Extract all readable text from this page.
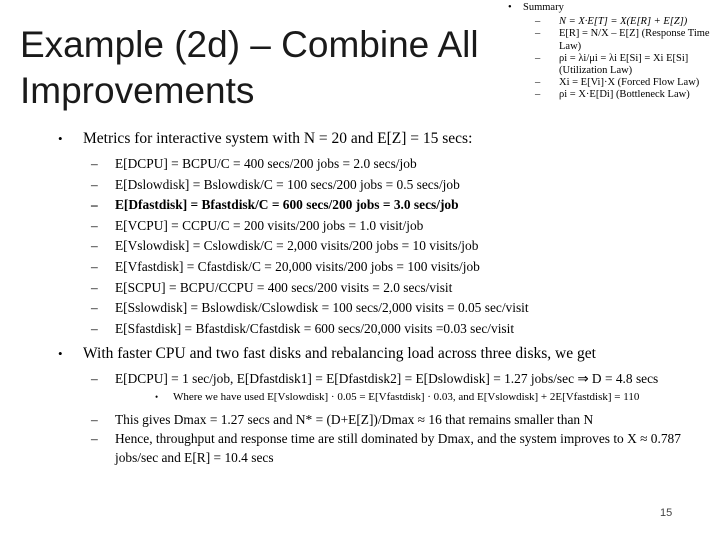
Example (2d) – Combine All Improvements
• Summary
– N = X·E[T] = X(E[R] + E[Z])
– E[R] = N/X – E[Z] (Response Time Law)
– ρi = λi/μi = λi E[Si] = Xi E[Si] (Utilization Law)
– Xi = E[Vi]·X (Forced Flow Law)
– ρi = X·E[Di] (Bottleneck Law)
• Metrics for interactive system with N = 20 and E[Z] = 15 secs:
– E[DCPU] = BCPU/C = 400 secs/200 jobs = 2.0 secs/job
– E[Dslowdisk] = Bslowdisk/C = 100 secs/200 jobs = 0.5 secs/job
– E[Dfastdisk] = Bfastdisk/C = 600 secs/200 jobs = 3.0 secs/job
– E[VCPU] = CCPU/C = 200 visits/200 jobs = 1.0 visit/job
– E[Vslowdisk] = Cslowdisk/C = 2,000 visits/200 jobs = 10 visits/job
– E[Vfastdisk] = Cfastdisk/C = 20,000 visits/200 jobs = 100 visits/job
– E[SCPU] = BCPU/CCPU = 400 secs/200 visits = 2.0 secs/visit
– E[Sslowdisk] = Bslowdisk/Cslowdisk = 100 secs/2,000 visits = 0.05 sec/visit
– E[Sfastdisk] = Bfastdisk/Cfastdisk = 600 secs/20,000 visits =0.03 sec/visit
• With faster CPU and two fast disks and rebalancing load across three disks, we get
– E[DCPU] = 1 sec/job, E[Dfastdisk1] = E[Dfastdisk2] = E[Dslowdisk] = 1.27 jobs/sec ⇒ D = 4.8 secs
• Where we have used E[Vslowdisk] · 0.05 = E[Vfastdisk] · 0.03, and E[Vslowdisk] + 2E[Vfastdisk] = 110
– This gives Dmax = 1.27 secs and N* = (D+E[Z])/Dmax ≈ 16 that remains smaller than N
– Hence, throughput and response time are still dominated by Dmax, and the system improves to X ≈ 0.787 jobs/sec and E[R] = 10.4 secs
15
